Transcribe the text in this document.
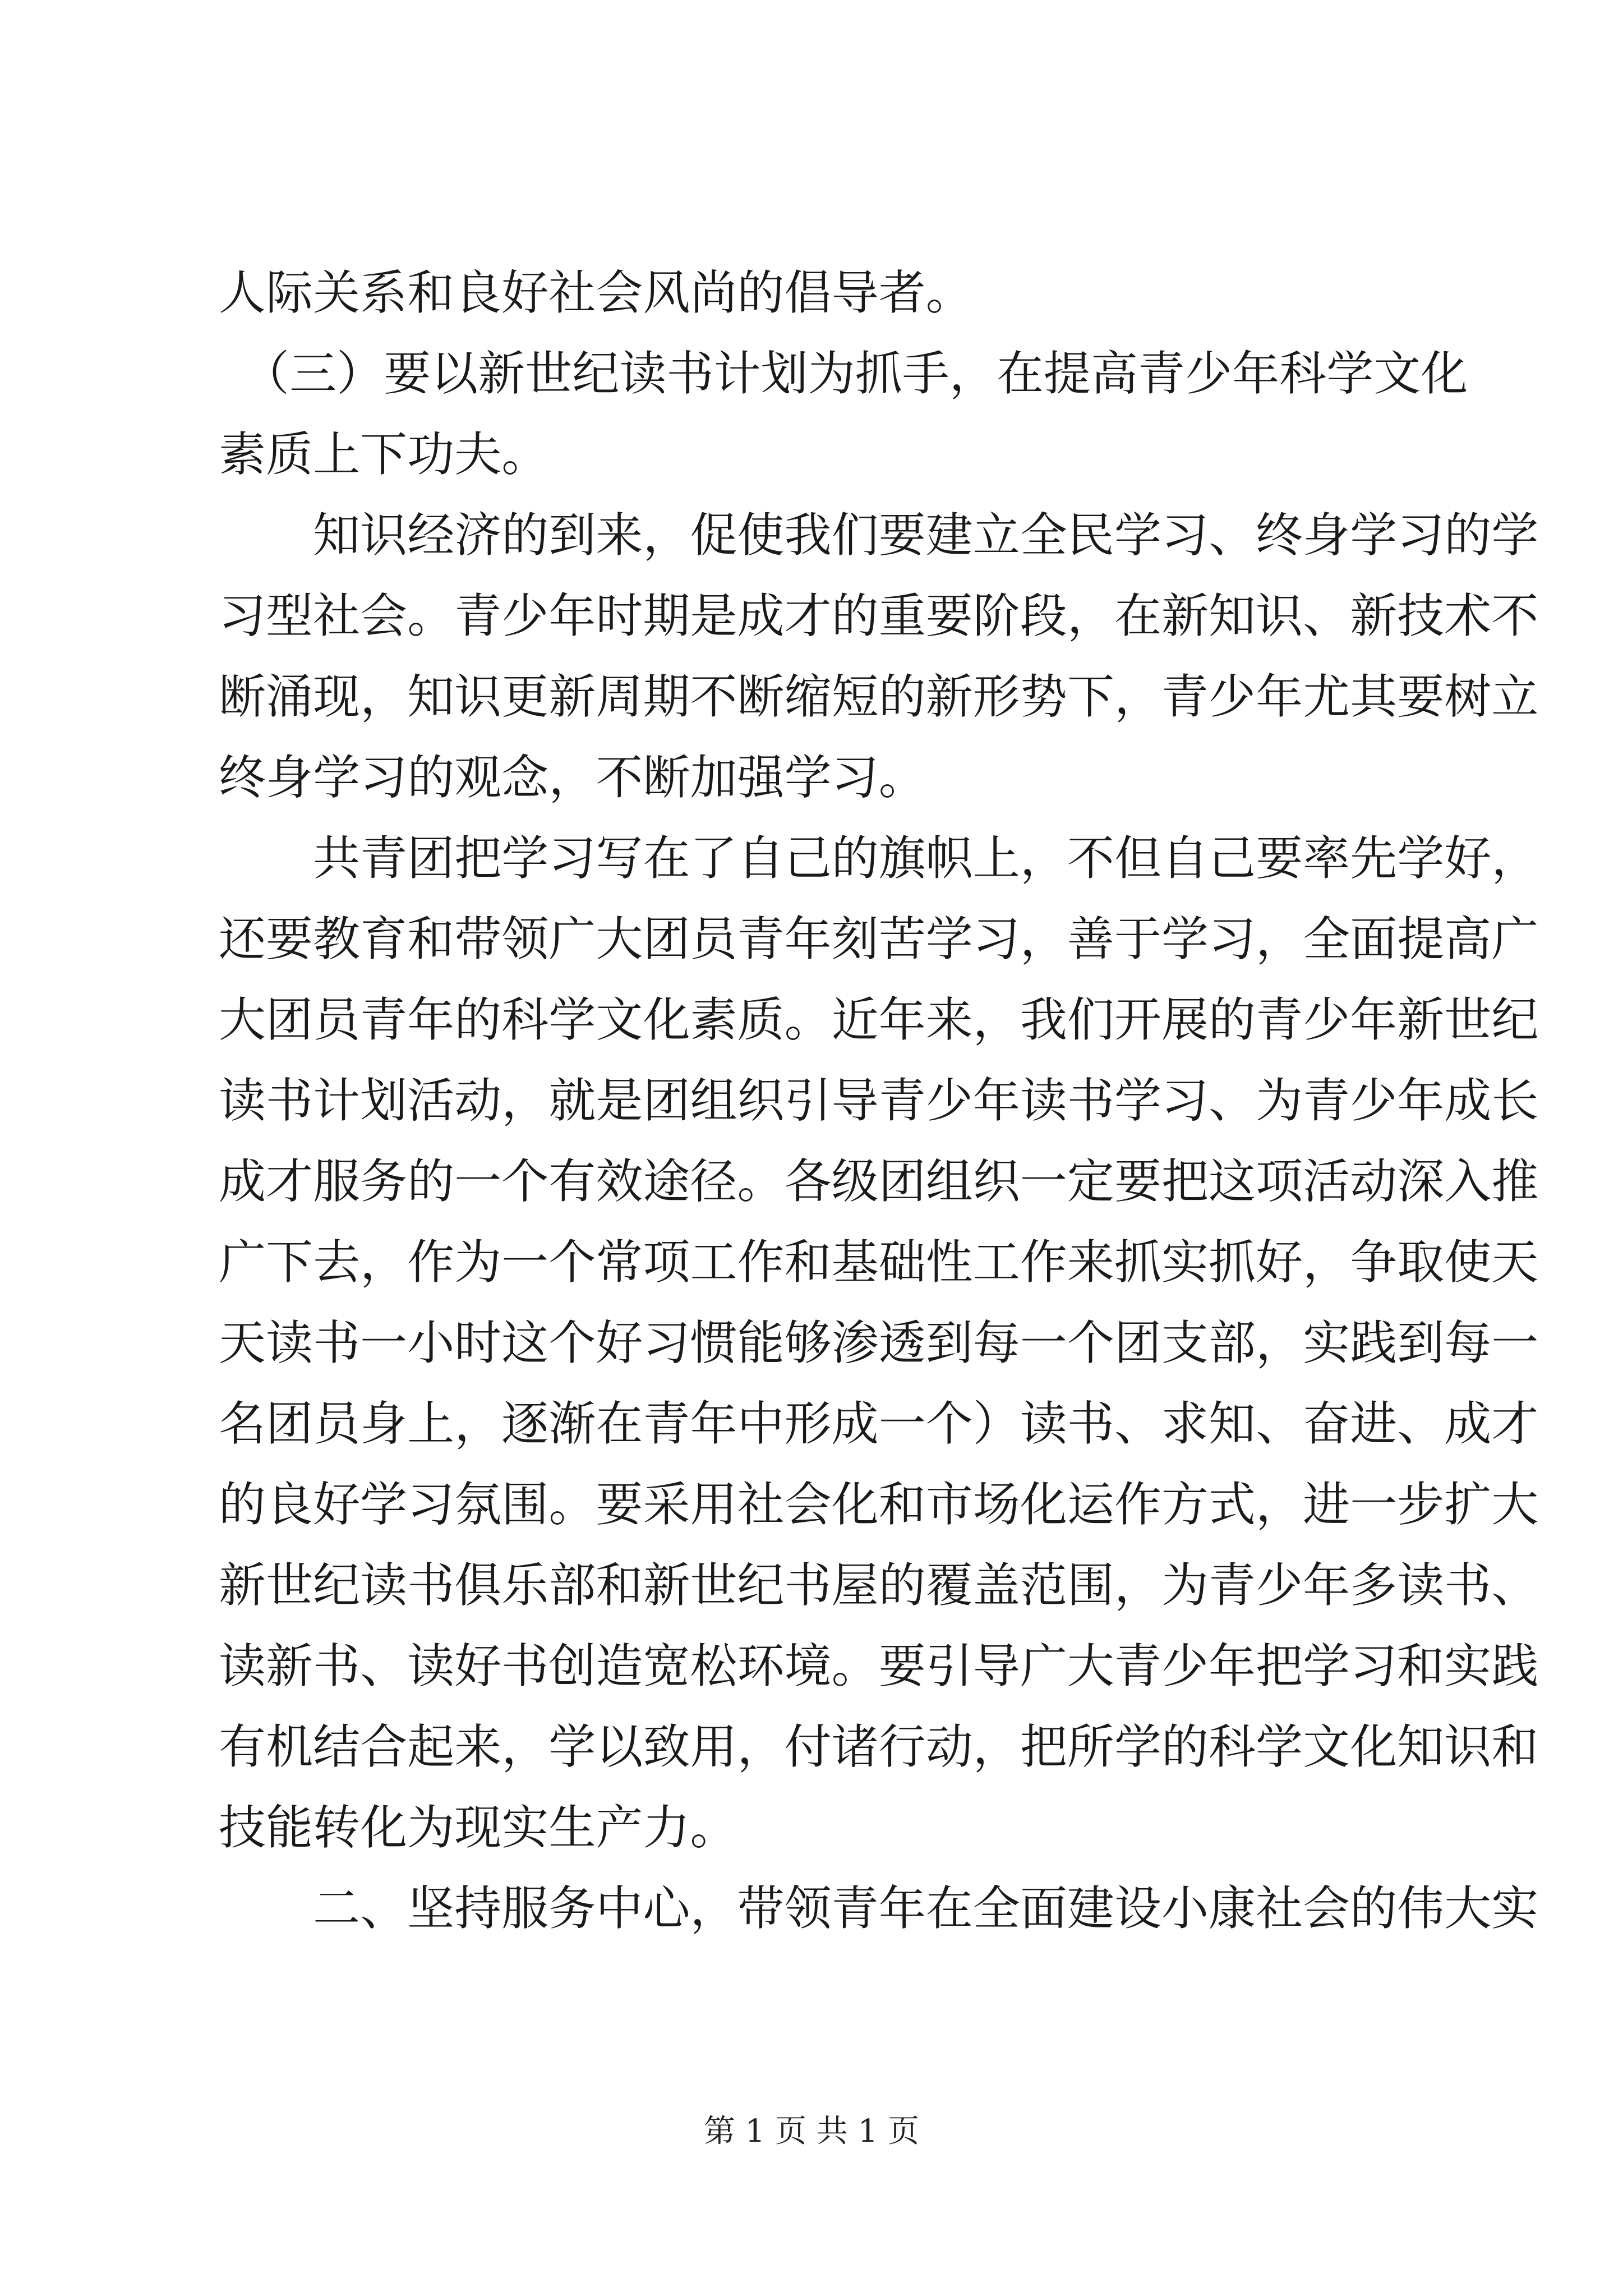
人际关系和良好社会风尚的倡导者。
　（三）要以新世纪读书计划为抓手，在提高青少年科学文化
素质上下功夫。
　　知识经济的到来，促使我们要建立全民学习、终身学习的学
习型社会。青少年时期是成才的重要阶段，在新知识、新技术不
断涌现，知识更新周期不断缩短的新形势下，青少年尤其要树立
终身学习的观念，不断加强学习。
　　共青团把学习写在了自己的旗帜上，不但自己要率先学好，
还要教育和带领广大团员青年刻苦学习，善于学习，全面提高广
大团员青年的科学文化素质。近年来，我们开展的青少年新世纪
读书计划活动，就是团组织引导青少年读书学习、为青少年成长
成才服务的一个有效途径。各级团组织一定要把这项活动深入推
广下去，作为一个常项工作和基础性工作来抓实抓好，争取使天
天读书一小时这个好习惯能够渗透到每一个团支部，实践到每一
名团员身上，逐渐在青年中形成一个）读书、求知、奋进、成才
的良好学习氛围。要采用社会化和市场化运作方式，进一步扩大
新世纪读书俱乐部和新世纪书屋的覆盖范围，为青少年多读书、
读新书、读好书创造宽松环境。要引导广大青少年把学习和实践
有机结合起来，学以致用，付诸行动，把所学的科学文化知识和
技能转化为现实生产力。
　　二、坚持服务中心，带领青年在全面建设小康社会的伟大实
第 1 页 共 1 页
